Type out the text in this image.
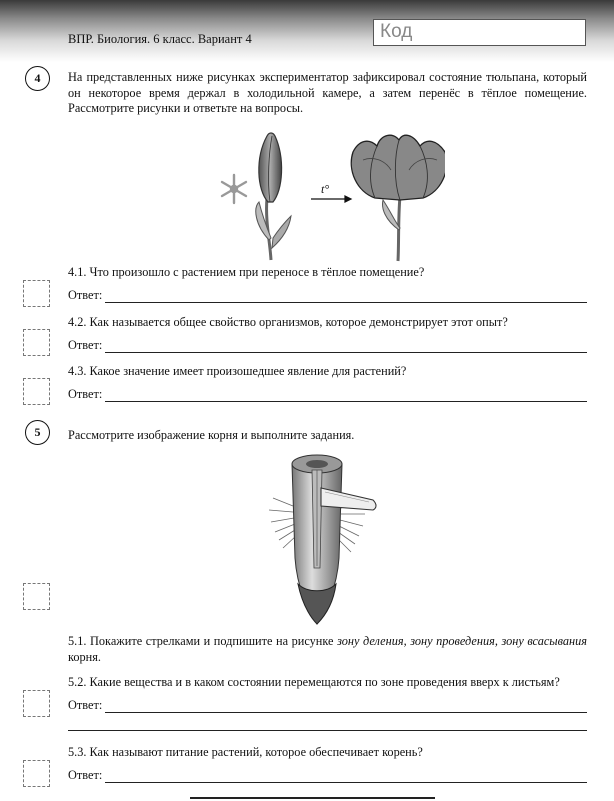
ВПР. Биология. 6 класс. Вариант 4	Код
4	На представленных ниже рисунках экспериментатор зафиксировал состояние тюльпана, который он некоторое время держал в холодильной камере, а затем перенёс в тёплое помещение. Рассмотрите рисунки и ответьте на вопросы.
t°
4.1. Что произошло с растением при переносе в тёплое помещение?
Ответ:
4.2. Как называется общее свойство организмов, которое демонстрирует этот опыт?
Ответ:
4.3. Какое значение имеет произошедшее явление для растений?
Ответ:
5	Рассмотрите изображение корня и выполните задания.
5.1. Покажите стрелками и подпишите на рисунке зону деления, зону проведения, зону всасывания корня.
5.2. Какие вещества и в каком состоянии перемещаются по зоне проведения вверх к листьям?
Ответ:
5.3. Как называют питание растений, которое обеспечивает корень?
Ответ:
